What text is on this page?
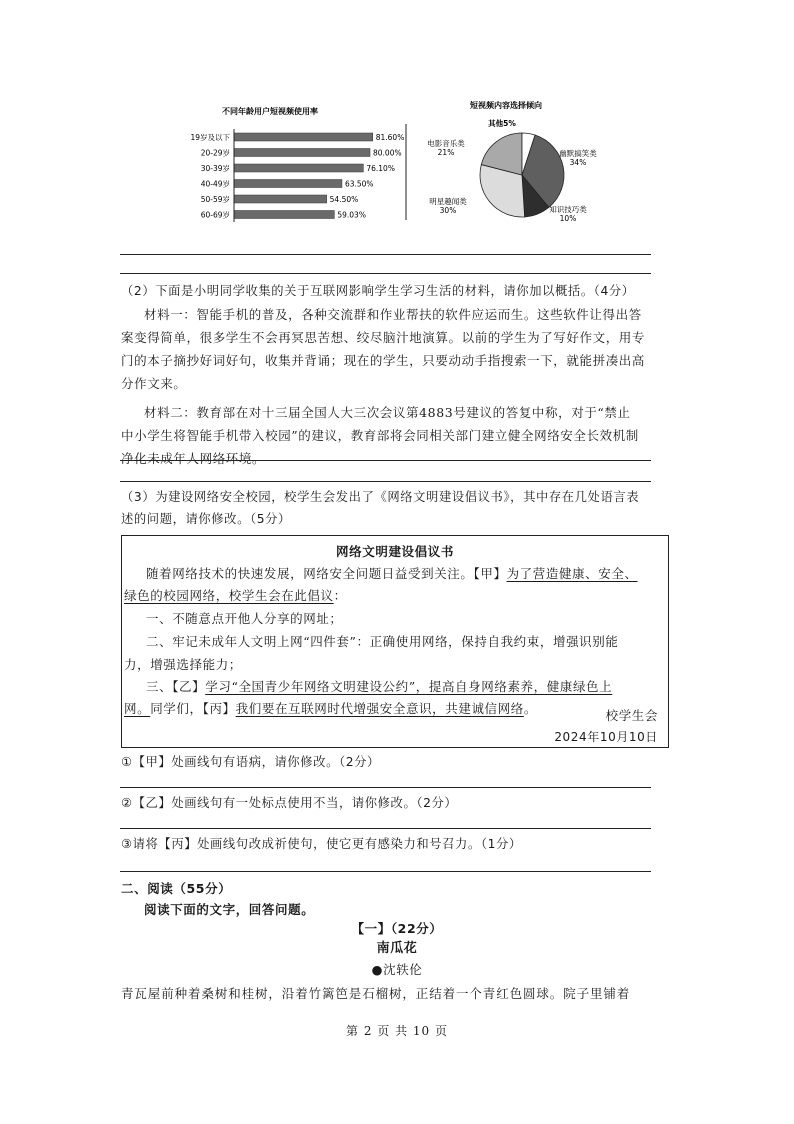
不同年龄用户短视频使用率
19岁及以下	81.60%
20-29岁	80.00%
30-39岁	76.10%
40-49岁	63.50%
50-59岁	54.50%
60-69岁	59.03%
短视频内容选择倾向
幽默搞笑类
34%
知识技巧类
10%
明星趣闻类
30%
电影音乐类
21%
其他5%
（2）下面是小明同学收集的关于互联网影响学生学习生活的材料，请你加以概括。（4分）
材料一：智能手机的普及，各种交流群和作业帮扶的软件应运而生。这些软件让得出答
案变得简单，很多学生不会再冥思苦想、绞尽脑汁地演算。以前的学生为了写好作文，用专
门的本子摘抄好词好句，收集并背诵；现在的学生，只要动动手指搜索一下，就能拼凑出高
分作文来。
材料二：教育部在对十三届全国人大三次会议第4883号建议的答复中称，对于“禁止
中小学生将智能手机带入校园”的建议，教育部将会同相关部门建立健全网络安全长效机制
净化未成年人网络环境。
（3）为建设网络安全校园，校学生会发出了《网络文明建设倡议书》，其中存在几处语言表
述的问题，请你修改。（5分）
网络文明建设倡议书
随着网络技术的快速发展，网络安全问题日益受到关注。【甲】为了营造健康、安全、
绿色的校园网络，校学生会在此倡议：
一、不随意点开他人分享的网址；
二、牢记未成年人文明上网“四件套”：正确使用网络，保持自我约束，增强识别能
力，增强选择能力；
三、【乙】学习“全国青少年网络文明建设公约”，提高自身网络素养，健康绿色上
网。同学们，【丙】我们要在互联网时代增强安全意识，共建诚信网络。	校学生会
2024年10月10日
①【甲】处画线句有语病，请你修改。（2分）
②【乙】处画线句有一处标点使用不当，请你修改。（2分）
③请将【丙】处画线句改成祈使句，使它更有感染力和号召力。（1分）
二、阅读（55分）
阅读下面的文字，回答问题。
【一】（22分）
南瓜花
●沈轶伦
青瓦屋前种着桑树和桂树，沿着竹篱笆是石榴树，正结着一个青红色圆球。院子里铺着
第 2 页 共 10 页
